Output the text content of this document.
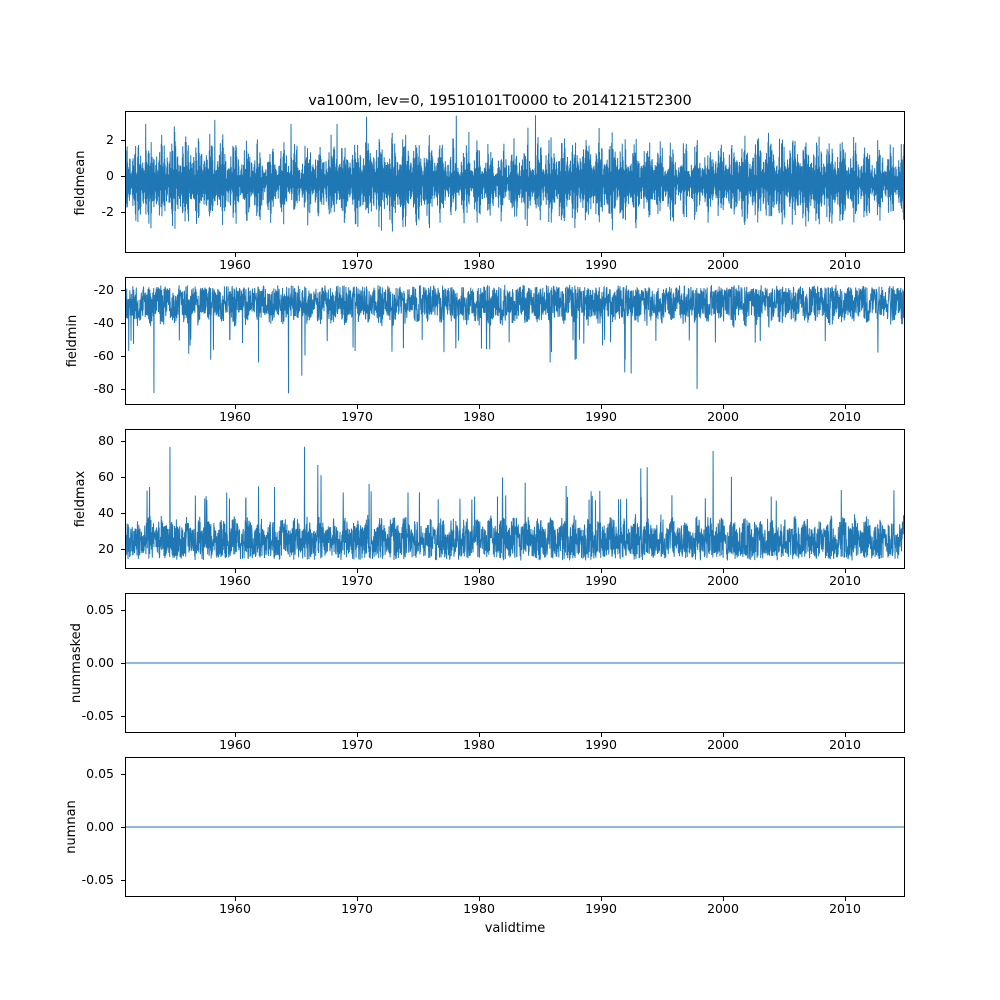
va100m, lev=0, 19510101T0000 to 20141215T2300
fieldmean
2
0
-2
1960	1970	1980	1990	2000	2010
fieldmin
-20
-40
-60
-80
1960	1970	1980	1990	2000	2010
fieldmax
80
60
40
20
1960	1970	1980	1990	2000	2010
nummasked
0.05
0.00
-0.05
1960	1970	1980	1990	2000	2010
numnan
0.05
0.00
-0.05
1960	1970	1980	1990	2000	2010
validtime
